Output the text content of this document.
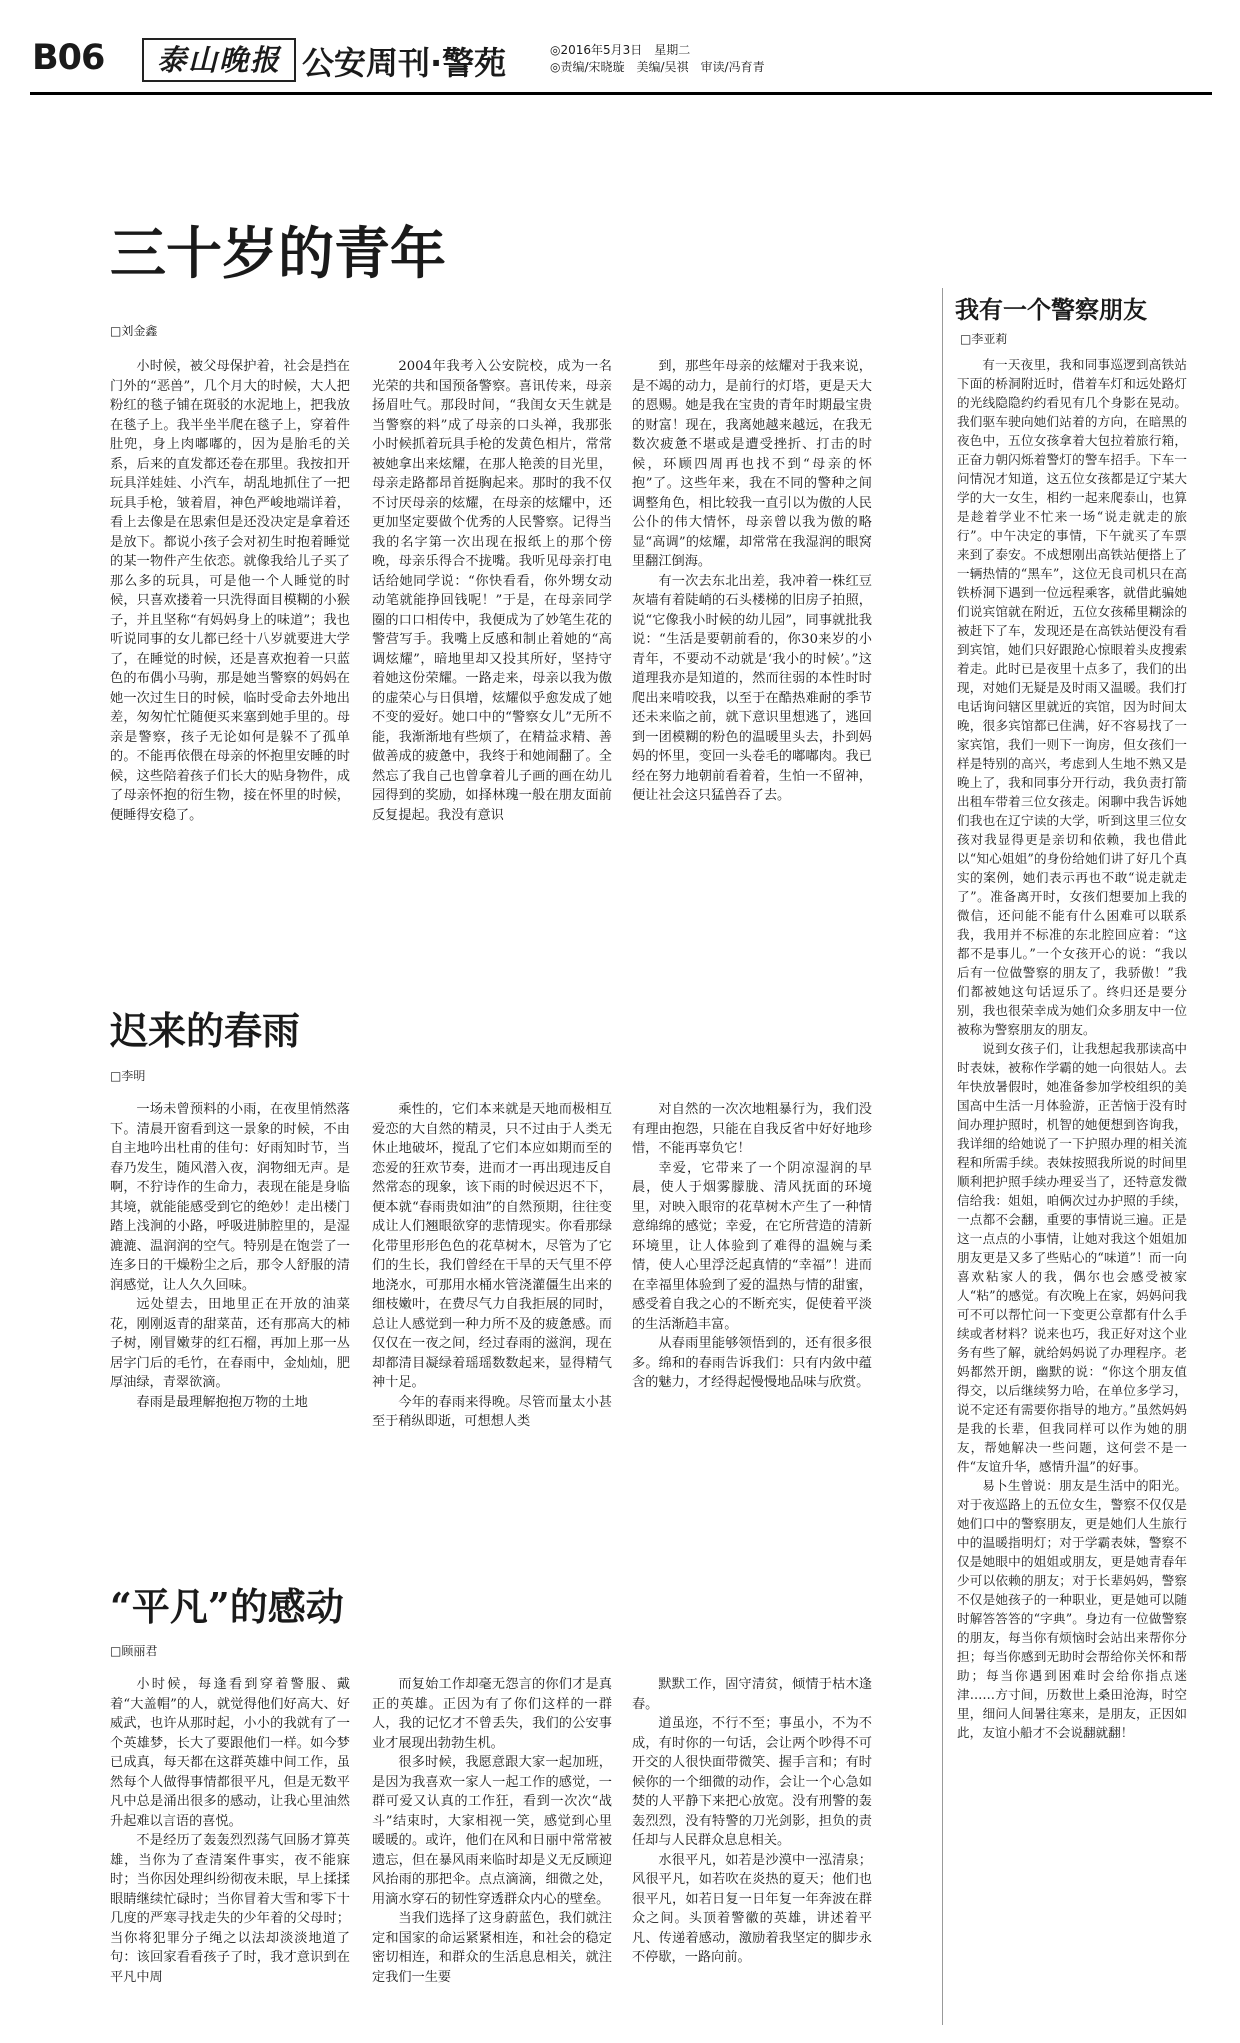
B06	泰山晚报 公安周刊·警苑	◎2016年5月3日　星期二
◎责编/宋晓璇　美编/吴祺　审读/冯育青
三十岁的青年
□刘金鑫

小时候，被父母保护着，社会是挡在门外的“恶兽”，几个月大的时候，大人把粉红的毯子铺在斑驳的水泥地上，把我放在毯子上。我半坐半爬在毯子上，穿着件肚兜，身上肉嘟嘟的，因为是胎毛的关系，后来的直发都还卷在那里。我按扣开玩具洋娃娃、小汽车，胡乱地抓住了一把玩具手枪，皱着眉，神色严峻地端详着，看上去像是在思索但是还没决定是拿着还是放下。都说小孩子会对初生时抱着睡觉的某一物件产生依恋。就像我给儿子买了那么多的玩具，可是他一个人睡觉的时候，只喜欢搂着一只洗得面目模糊的小猴子，并且坚称“有妈妈身上的味道”；我也听说同事的女儿都已经十八岁就要进大学了，在睡觉的时候，还是喜欢抱着一只蓝色的布偶小马驹，那是她当警察的妈妈在她一次过生日的时候，临时受命去外地出差，匆匆忙忙随便买来塞到她手里的。母亲是警察，孩子无论如何是躲不了孤单的。不能再依偎在母亲的怀抱里安睡的时候，这些陪着孩子们长大的贴身物件，成了母亲怀抱的衍生物，接在怀里的时候，便睡得安稳了。

2004年我考入公安院校，成为一名光荣的共和国预备警察。喜讯传来，母亲扬眉吐气。那段时间，“我闺女天生就是当警察的料”成了母亲的口头禅，我那张小时候抓着玩具手枪的发黄色相片，常常被她拿出来炫耀，在那人艳羡的目光里，母亲走路都昂首挺胸起来。那时的我不仅不讨厌母亲的炫耀，在母亲的炫耀中，还更加坚定要做个优秀的人民警察。记得当我的名字第一次出现在报纸上的那个傍晚，母亲乐得合不拢嘴。我听见母亲打电话给她同学说：“你快看看，你外甥女动动笔就能挣回钱呢！”于是，在母亲同学圈的口口相传中，我便成为了妙笔生花的警营写手。我嘴上反感和制止着她的“高调炫耀”，暗地里却又投其所好，坚持守着她这份荣耀。一路走来，母亲以我为傲的虚荣心与日俱增，炫耀似乎愈发成了她不变的爱好。她口中的“警察女儿”无所不能，我渐渐地有些烦了，在精益求精、善做善成的疲惫中，我终于和她闹翻了。全然忘了我自己也曾拿着儿子画的画在幼儿园得到的奖励，如择林瑰一般在朋友面前反复提起。我没有意识

到，那些年母亲的炫耀对于我来说，是不竭的动力，是前行的灯塔，更是天大的恩赐。她是我在宝贵的青年时期最宝贵的财富！现在，我离她越来越远，在我无数次疲惫不堪或是遭受挫折、打击的时候，环顾四周再也找不到“母亲的怀抱”了。这些年来，我在不同的警种之间调整角色，相比较我一直引以为傲的人民公仆的伟大情怀，母亲曾以我为傲的略显“高调”的炫耀，却常常在我湿润的眼窝里翻江倒海。

有一次去东北出差，我冲着一株红豆灰墙有着陡峭的石头楼梯的旧房子拍照，说“它像我小时候的幼儿园”，同事就批我说：“生活是要朝前看的，你30来岁的小青年，不要动不动就是‘我小的时候’。”这道理我亦是知道的，然而往弱的本性时时爬出来啃咬我，以至于在酷热难耐的季节还未来临之前，就下意识里想逃了，逃回到一团模糊的粉色的温暖里头去，扑到妈妈的怀里，变回一头卷毛的嘟嘟肉。我已经在努力地朝前看着着，生怕一不留神，便让社会这只猛兽吞了去。

迟来的春雨
□李明

一场未曾预料的小雨，在夜里悄然落下。清晨开窗看到这一景象的时候，不由自主地吟出杜甫的佳句：好雨知时节，当春乃发生，随风潜入夜，润物细无声。是啊，不狞诗作的生命力，表现在能是身临其境，就能能感受到它的绝妙！走出楼门踏上浅涧的小路，呼吸进肺腔里的，是湿漉漉、温润润的空气。特别是在饱尝了一连多日的干燥粉尘之后，那令人舒服的清润感觉，让人久久回味。

远处望去，田地里正在开放的油菜花，刚刚返青的甜菜苗，还有那高大的柿子树，刚冒嫩芽的红石榴，再加上那一丛居字门后的毛竹，在春雨中，金灿灿，肥厚油绿，青翠欲滴。

春雨是最理解抱抱万物的土地

乘性的，它们本来就是天地而极相互爱恋的大自然的精灵，只不过由于人类无休止地破坏，搅乱了它们本应如期而至的恋爱的狂欢节奏，进而才一再出现违反自然常态的现象，该下雨的时候迟迟不下，便本就“春雨贵如油”的自然预期，往往变成让人们翘眼欲穿的悲情现实。你看那绿化带里形形色色的花草树木，尽管为了它们的生长，我们曾经在干旱的天气里不停地浇水，可那用水桶水管浇灌僵生出来的细枝嫩叶，在费尽气力自我拒展的同时，总让人感觉到一种力所不及的疲惫感。而仅仅在一夜之间，经过春雨的滋润，现在却都清目凝绿着瑶瑶数数起来，显得精气神十足。

今年的春雨来得晚。尽管而量太小甚至于稍纵即逝，可想想人类

对自然的一次次地粗暴行为，我们没有理由抱怨，只能在自我反省中好好地珍惜，不能再辜负它！

幸爱，它带来了一个阴凉湿润的早晨，使人于烟雾朦胧、清风抚面的环境里，对映入眼帘的花草树木产生了一种情意绵绵的感觉；幸爱，在它所营造的清新环境里，让人体验到了难得的温婉与柔情，使人心里浮泛起真情的“幸福”！进而在幸福里体验到了爱的温热与情的甜蜜，感受着自我之心的不断充实，促使着平淡的生活渐趋丰富。

从春雨里能够领悟到的，还有很多很多。绵和的春雨告诉我们：只有内敛中蕴含的魅力，才经得起慢慢地品味与欣赏。

“平凡”的感动
□顾丽君

小时候，每逢看到穿着警服、戴着“大盖帽”的人，就觉得他们好高大、好威武，也许从那时起，小小的我就有了一个英雄梦，长大了要跟他们一样。如今梦已成真，每天都在这群英雄中间工作，虽然每个人做得事情都很平凡，但是无数平凡中总是涌出很多的感动，让我心里油然升起难以言语的喜悦。

不是经历了轰轰烈烈荡气回肠才算英雄，当你为了查清案件事实，夜不能寐时；当你因处理纠纷彻夜未眠，早上揉揉眼睛继续忙碌时；当你冒着大雪和零下十几度的严寒寻找走失的少年着的父母时；当你将犯罪分子绳之以法却淡淡地道了句：该回家看看孩子了时，我才意识到在平凡中周

而复始工作却毫无怨言的你们才是真正的英雄。正因为有了你们这样的一群人，我的记忆才不曾丢失，我们的公安事业才展现出勃勃生机。

很多时候，我愿意跟大家一起加班，是因为我喜欢一家人一起工作的感觉，一群可爱又认真的工作狂，看到一次次“战斗”结束时，大家相视一笑，感觉到心里暖暖的。或许，他们在风和日丽中常常被遗忘，但在暴风雨来临时却是义无反顾迎风抬雨的那把伞。点点滴滴，细微之处，用滴水穿石的韧性穿透群众内心的壁垒。

当我们选择了这身蔚蓝色，我们就注定和国家的命运紧紧相连，和社会的稳定密切相连，和群众的生活息息相关，就注定我们一生要

默默工作，固守清贫，倾情于枯木逢春。

道虽迩，不行不至；事虽小，不为不成，有时你的一句话，会让两个吵得不可开交的人很快面带微笑、握手言和；有时候你的一个细微的动作，会让一个心急如焚的人平静下来把心放宽。没有刑警的轰轰烈烈，没有特警的刀光剑影，担负的责任却与人民群众息息相关。

水很平凡，如若是沙漠中一泓清泉；风很平凡，如若吹在炎热的夏天；他们也很平凡，如若日复一日年复一年奔波在群众之间。头顶着警徽的英雄，讲述着平凡、传递着感动，激励着我坚定的脚步永不停歇，一路向前。

我有一个警察朋友
□李亚莉

有一天夜里，我和同事巡逻到高铁站下面的桥洞附近时，借着车灯和远处路灯的光线隐隐约约看见有几个身影在晃动。我们驱车驶向她们站着的方向，在暗黑的夜色中，五位女孩拿着大包拉着旅行箱，正奋力朝闪烁着警灯的警车招手。下车一问情况才知道，这五位女孩都是辽宁某大学的大一女生，相约一起来爬泰山，也算是趁着学业不忙来一场“说走就走的旅行”。中午决定的事情，下午就买了车票来到了泰安。不成想刚出高铁站便搭上了一辆热情的“黑车”，这位无良司机只在高铁桥洞下遇到一位远程乘客，就借此骗她们说宾馆就在附近，五位女孩稀里糊涂的被赶下了车，发现还是在高铁站便没有看到宾馆，她们只好跟跄心惊眼着头皮搜索着走。此时已是夜里十点多了，我们的出现，对她们无疑是及时雨又温暖。我们打电话询问辖区里就近的宾馆，因为时间太晚，很多宾馆都已住满，好不容易找了一家宾馆，我们一则下一询房，但女孩们一样是特别的高兴，考虑到人生地不熟又是晚上了，我和同事分开行动，我负责打箭出租车带着三位女孩走。闲聊中我告诉她们我也在辽宁读的大学，听到这里三位女孩对我显得更是亲切和依赖，我也借此以“知心姐姐”的身份给她们讲了好几个真实的案例，她们表示再也不敢“说走就走了”。准备离开时，女孩们想要加上我的微信，还问能不能有什么困难可以联系我，我用并不标准的东北腔回应着：“这都不是事儿。”一个女孩开心的说：“我以后有一位做警察的朋友了，我骄傲！”我们都被她这句话逗乐了。终归还是要分别，我也很荣幸成为她们众多朋友中一位被称为警察朋友的朋友。

说到女孩子们，让我想起我那读高中时表妹，被称作学霸的她一向很姑人。去年快放暑假时，她准备参加学校组织的美国高中生活一月体验游，正苦恼于没有时间办理护照时，机智的她便想到咨询我，我详细的给她说了一下护照办理的相关流程和所需手续。表妹按照我所说的时间里顺利把护照手续办理妥当了，还特意发微信给我：姐姐，咱俩次过办护照的手续，一点都不会翻，重要的事情说三遍。正是这一点点的小事情，让她对我这个姐姐加朋友更是又多了些贴心的“味道”！而一向喜欢粘家人的我，偶尔也会感受被家人“粘”的感觉。有次晚上在家，妈妈问我可不可以帮忙问一下变更公章都有什么手续或者材料？说来也巧，我正好对这个业务有些了解，就给妈妈说了办理程序。老妈都然开朗，幽默的说：“你这个朋友值得交，以后继续努力哈，在单位多学习，说不定还有需要你指导的地方。”虽然妈妈是我的长辈，但我同样可以作为她的朋友，帮她解决一些问题，这何尝不是一件“友谊升华，感情升温”的好事。

易卜生曾说：朋友是生活中的阳光。对于夜巡路上的五位女生，警察不仅仅是她们口中的警察朋友，更是她们人生旅行中的温暖指明灯；对于学霸表妹，警察不仅是她眼中的姐姐或朋友，更是她青春年少可以依赖的朋友；对于长辈妈妈，警察不仅是她孩子的一种职业，更是她可以随时解答答答的“字典”。身边有一位做警察的朋友，每当你有烦恼时会站出来帮你分担；每当你感到无助时会帮给你关怀和帮助；每当你遇到困难时会给你指点迷津……方寸间，历数世上桑田沧海，时空里，细问人间暑往寒来，是朋友，正因如此，友谊小船才不会说翻就翻！
